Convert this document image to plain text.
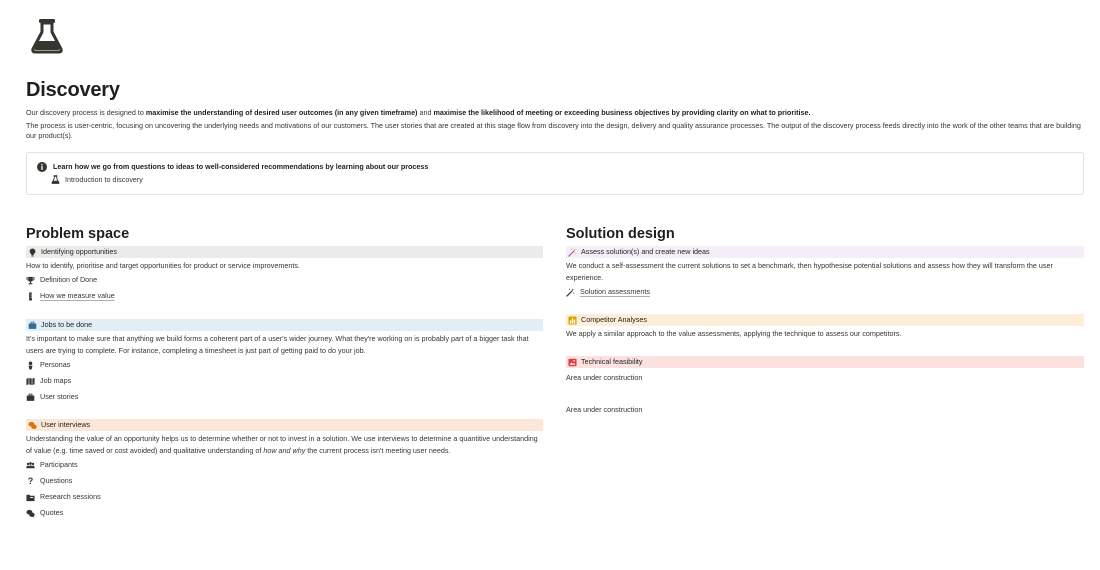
Discovery

Our discovery process is designed to maximise the understanding of desired user outcomes (in any given timeframe) and maximise the likelihood of meeting or exceeding business objectives by providing clarity on what to prioritise.

The process is user-centric, focusing on uncovering the underlying needs and motivations of our customers. The user stories that are created at this stage flow from discovery into the design, delivery and quality assurance processes. The output of the discovery process feeds directly into the work of the other teams that are building our product(s).

Learn how we go from questions to ideas to well-considered recommendations by learning about our process
Introduction to discovery
Problem space
Identifying opportunities
How to identify, prioritise and target opportunities for product or service improvements.
Definition of Done
How we measure value
Jobs to be done
It's important to make sure that anything we build forms a coherent part of a user's wider journey. What they're working on is probably part of a bigger task that users are trying to complete. For instance, completing a timesheet is just part of getting paid to do your job.
Personas
Job maps
User stories
User interviews
Understanding the value of an opportunity helps us to determine whether or not to invest in a solution. We use interviews to determine a quantitive understanding of value (e.g. time saved or cost avoided) and qualitative understanding of how and why the current process isn't meeting user needs.
Participants
? Questions
Research sessions
Quotes
Solution design
Assess solution(s) and create new ideas
We conduct a self-assessment the current solutions to set a benchmark, then hypothesise potential solutions and assess how they will transform the user experience.
Solution assessments
Competitor Analyses
We apply a similar approach to the value assessments, applying the technique to assess our competitors.
Technical feasibility
Area under construction
Area under construction
